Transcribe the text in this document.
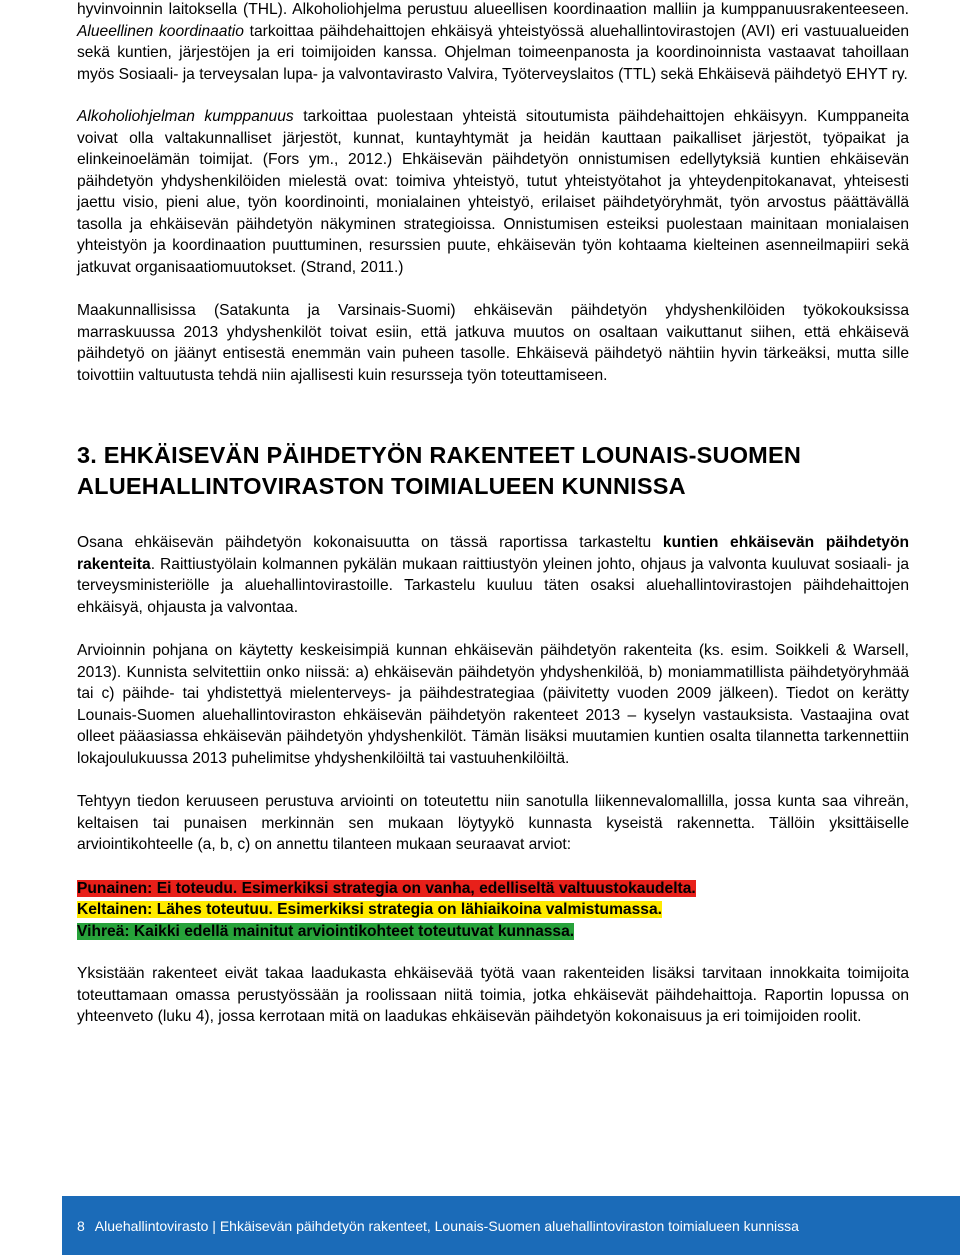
hyvinvoinnin laitoksella (THL). Alkoholiohjelma perustuu alueellisen koordinaation malliin ja kumppanuusrakenteeseen. Alueellinen koordinaatio tarkoittaa päihdehaittojen ehkäisyä yhteistyössä aluehallintovirastojen (AVI) eri vastuualueiden sekä kuntien, järjestöjen ja eri toimijoiden kanssa. Ohjelman toimeenpanosta ja koordinoinnista vastaavat tahoillaan myös Sosiaali- ja terveysalan lupa- ja valvontavirasto Valvira, Työterveyslaitos (TTL) sekä Ehkäisevä päihdetyö EHYT ry.

Alkoholiohjelman kumppanuus tarkoittaa puolestaan yhteistä sitoutumista päihdehaittojen ehkäisyyn. Kumppaneita voivat olla valtakunnalliset järjestöt, kunnat, kuntayhtymät ja heidän kauttaan paikalliset järjestöt, työpaikat ja elinkeinoelämän toimijat. (Fors ym., 2012.) Ehkäisevän päihdetyön onnistumisen edellytyksiä kuntien ehkäisevän päihdetyön yhdyshenkilöiden mielestä ovat: toimiva yhteistyö, tutut yhteistyötahot ja yhteydenpitokanavat, yhteisesti jaettu visio, pieni alue, työn koordinointi, monialainen yhteistyö, erilaiset päihdetyöryhmät, työn arvostus päättävällä tasolla ja ehkäisevän päihdetyön näkyminen strategioissa. Onnistumisen esteiksi puolestaan mainitaan monialaisen yhteistyön ja koordinaation puuttuminen, resurssien puute, ehkäisevän työn kohtaama kielteinen asenneilmapiiri sekä jatkuvat organisaatiomuutokset. (Strand, 2011.)

Maakunnallisissa (Satakunta ja Varsinais-Suomi) ehkäisevän päihdetyön yhdyshenkilöiden työkokouksissa marraskuussa 2013 yhdyshenkilöt toivat esiin, että jatkuva muutos on osaltaan vaikuttanut siihen, että ehkäisevä päihdetyö on jäänyt entisestä enemmän vain puheen tasolle. Ehkäisevä päihdetyö nähtiin hyvin tärkeäksi, mutta sille toivottiin valtuutusta tehdä niin ajallisesti kuin resursseja työn toteuttamiseen.

3. EHKÄISEVÄN PÄIHDETYÖN RAKENTEET LOUNAIS-SUOMEN ALUEHALLINTOVIRASTON TOIMIALUEEN KUNNISSA

Osana ehkäisevän päihdetyön kokonaisuutta on tässä raportissa tarkasteltu kuntien ehkäisevän päihdetyön rakenteita. Raittiustyölain kolmannen pykälän mukaan raittiustyön yleinen johto, ohjaus ja valvonta kuuluvat sosiaali- ja terveysministeriölle ja aluehallintovirastoille. Tarkastelu kuuluu täten osaksi aluehallintovirastojen päihdehaittojen ehkäisyä, ohjausta ja valvontaa.

Arvioinnin pohjana on käytetty keskeisimpiä kunnan ehkäisevän päihdetyön rakenteita (ks. esim. Soikkeli & Warsell, 2013). Kunnista selvitettiin onko niissä: a) ehkäisevän päihdetyön yhdyshenkilöä, b) moniammatillista päihdetyöryhmää tai c) päihde- tai yhdistettyä mielenterveys- ja päihdestrategiaa (päivitetty vuoden 2009 jälkeen). Tiedot on kerätty Lounais-Suomen aluehallintoviraston ehkäisevän päihdetyön rakenteet 2013 – kyselyn vastauksista. Vastaajina ovat olleet pääasiassa ehkäisevän päihdetyön yhdyshenkilöt. Tämän lisäksi muutamien kuntien osalta tilannetta tarkennettiin lokajoulukuussa 2013 puhelimitse yhdyshenkilöiltä tai vastuuhenkilöiltä.

Tehtyyn tiedon keruuseen perustuva arviointi on toteutettu niin sanotulla liikennevalomallilla, jossa kunta saa vihreän, keltaisen tai punaisen merkinnän sen mukaan löytyykö kunnasta kyseistä rakennetta. Tällöin yksittäiselle arviointikohteelle (a, b, c) on annettu tilanteen mukaan seuraavat arviot:

Punainen: Ei toteudu. Esimerkiksi strategia on vanha, edelliseltä valtuustokaudelta.
Keltainen: Lähes toteutuu. Esimerkiksi strategia on lähiaikoina valmistumassa.
Vihreä: Kaikki edellä mainitut arviointikohteet toteutuvat kunnassa.

Yksistään rakenteet eivät takaa laadukasta ehkäisevää työtä vaan rakenteiden lisäksi tarvitaan innokkaita toimijoita toteuttamaan omassa perustyössään ja roolissaan niitä toimia, jotka ehkäisevät päihdehaittoja. Raportin lopussa on yhteenveto (luku 4), jossa kerrotaan mitä on laadukas ehkäisevän päihdetyön kokonaisuus ja eri toimijoiden roolit.

8 Aluehallintovirasto | Ehkäisevän päihdetyön rakenteet, Lounais-Suomen aluehallintoviraston toimialueen kunnissa
